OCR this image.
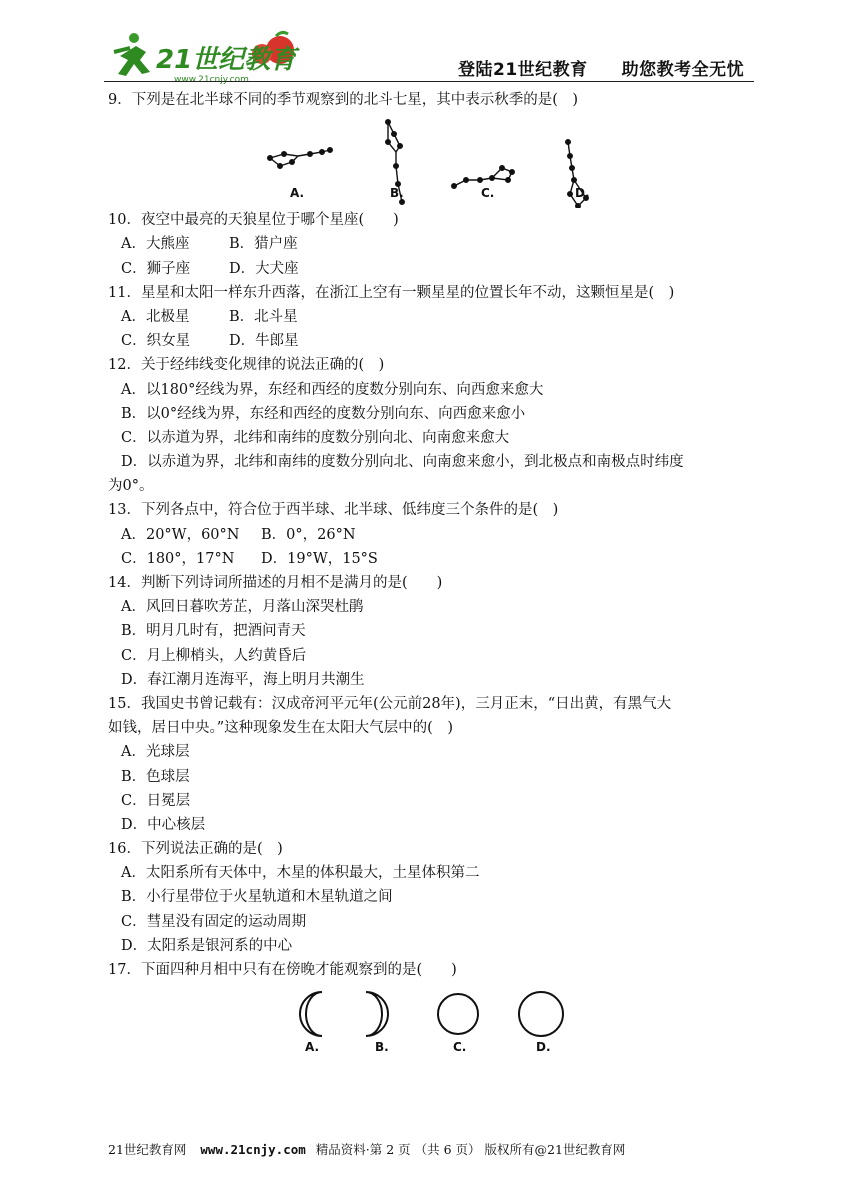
21世纪教育
www.21cnjy.com	登陆21世纪教育 助您教考全无忧
9．下列是在北半球不同的季节观察到的北斗七星，其中表示秋季的是(　)
A.	B.	C.	D.
10．夜空中最亮的天狼星位于哪个星座(　　)
A．大熊座	B．猎户座
C．狮子座	D．大犬座
11．星星和太阳一样东升西落，在浙江上空有一颗星星的位置长年不动，这颗恒星是(　)
A．北极星	B．北斗星
C．织女星	D．牛郎星
12．关于经纬线变化规律的说法正确的(　)
A．以180°经线为界，东经和西经的度数分别向东、向西愈来愈大
B．以0°经线为界，东经和西经的度数分别向东、向西愈来愈小
C．以赤道为界，北纬和南纬的度数分别向北、向南愈来愈大
D．以赤道为界，北纬和南纬的度数分别向北、向南愈来愈小，到北极点和南极点时纬度
为0°。
13．下列各点中，符合位于西半球、北半球、低纬度三个条件的是(　)
A．20°W，60°N B．0°，26°N
C．180°，17°N D．19°W，15°S
14．判断下列诗词所描述的月相不是满月的是(　　)
A．风回日暮吹芳芷，月落山深哭杜鹃
B．明月几时有，把酒问青天
C．月上柳梢头，人约黄昏后
D．春江潮月连海平，海上明月共潮生
15．我国史书曾记载有：汉成帝河平元年(公元前28年)，三月正末，“日出黄，有黑气大
如钱，居日中央。”这种现象发生在太阳大气层中的(　)
A．光球层
B．色球层
C．日冕层
D．中心核层
16．下列说法正确的是(　)
A．太阳系所有天体中，木星的体积最大，土星体积第二
B．小行星带位于火星轨道和木星轨道之间
C．彗星没有固定的运动周期
D．太阳系是银河系的中心
17．下面四种月相中只有在傍晚才能观察到的是(　　)
A.	B.	C.	D.
21世纪教育网 www.21cnjy.com 精品资料·第 2 页 （共 6 页） 版权所有@21世纪教育网
